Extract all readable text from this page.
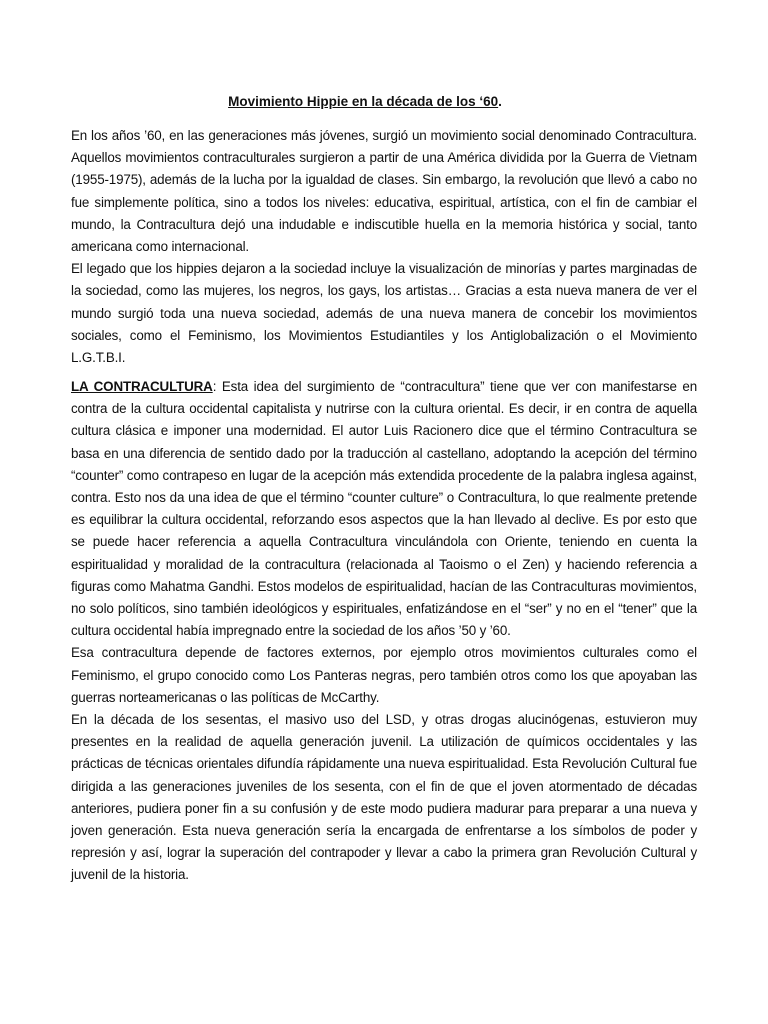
Movimiento Hippie en la década de los ‘60.

En los años ’60, en las generaciones más jóvenes, surgió un movimiento social denominado Contracultura. Aquellos movimientos contraculturales surgieron a partir de una América dividida por la Guerra de Vietnam (1955-1975), además de la lucha por la igualdad de clases. Sin embargo, la revolución que llevó a cabo no fue simplemente política, sino a todos los niveles: educativa, espiritual, artística, con el fin de cambiar el mundo, la Contracultura dejó una indudable e indiscutible huella en la memoria histórica y social, tanto americana como internacional.

El legado que los hippies dejaron a la sociedad incluye la visualización de minorías y partes marginadas de la sociedad, como las mujeres, los negros, los gays, los artistas… Gracias a esta nueva manera de ver el mundo surgió toda una nueva sociedad, además de una nueva manera de concebir los movimientos sociales, como el Feminismo, los Movimientos Estudiantiles y los Antiglobalización o el Movimiento L.G.T.B.I.

LA CONTRACULTURA: Esta idea del surgimiento de “contracultura” tiene que ver con manifestarse en contra de la cultura occidental capitalista y nutrirse con la cultura oriental. Es decir, ir en contra de aquella cultura clásica e imponer una modernidad. El autor Luis Racionero dice que el término Contracultura se basa en una diferencia de sentido dado por la traducción al castellano, adoptando la acepción del término “counter” como contrapeso en lugar de la acepción más extendida procedente de la palabra inglesa against, contra. Esto nos da una idea de que el término “counter culture” o Contracultura, lo que realmente pretende es equilibrar la cultura occidental, reforzando esos aspectos que la han llevado al declive. Es por esto que se puede hacer referencia a aquella Contracultura vinculándola con Oriente, teniendo en cuenta la espiritualidad y moralidad de la contracultura (relacionada al Taoismo o el Zen) y haciendo referencia a figuras como Mahatma Gandhi. Estos modelos de espiritualidad, hacían de las Contraculturas movimientos, no solo políticos, sino también ideológicos y espirituales, enfatizándose en el “ser” y no en el “tener” que la cultura occidental había impregnado entre la sociedad de los años ’50 y ’60.

Esa contracultura depende de factores externos, por ejemplo otros movimientos culturales como el Feminismo, el grupo conocido como Los Panteras negras, pero también otros como los que apoyaban las guerras norteamericanas o las políticas de McCarthy.

En la década de los sesentas, el masivo uso del LSD, y otras drogas alucinógenas, estuvieron muy presentes en la realidad de aquella generación juvenil. La utilización de químicos occidentales y las prácticas de técnicas orientales difundía rápidamente una nueva espiritualidad. Esta Revolución Cultural fue dirigida a las generaciones juveniles de los sesenta, con el fin de que el joven atormentado de décadas anteriores, pudiera poner fin a su confusión y de este modo pudiera madurar para preparar a una nueva y joven generación. Esta nueva generación sería la encargada de enfrentarse a los símbolos de poder y represión y así, lograr la superación del contrapoder y llevar a cabo la primera gran Revolución Cultural y juvenil de la historia.
